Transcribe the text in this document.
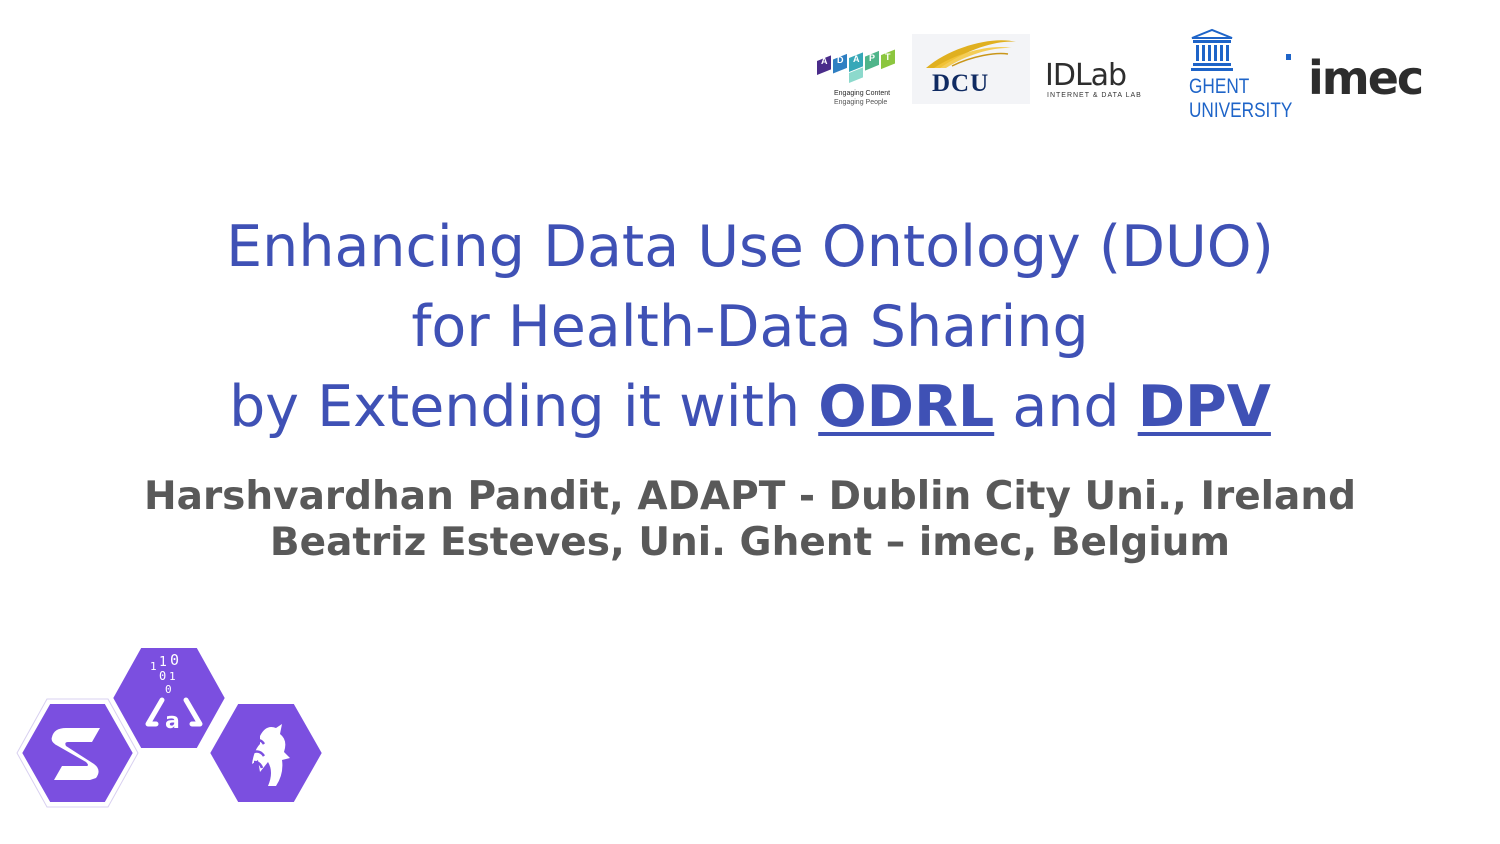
A D A P T
Engaging Content
Engaging People
DCU IDLab
INTERNET & DATA LAB GHENT
UNIVERSITY
imec
Enhancing Data Use Ontology (DUO)
for Health-Data Sharing
by Extending it with ODRL and DPV
Harshvardhan Pandit, ADAPT - Dublin City Uni., Ireland
Beatriz Esteves, Uni. Ghent – imec, Belgium
1 0
1
0 1
0
a
